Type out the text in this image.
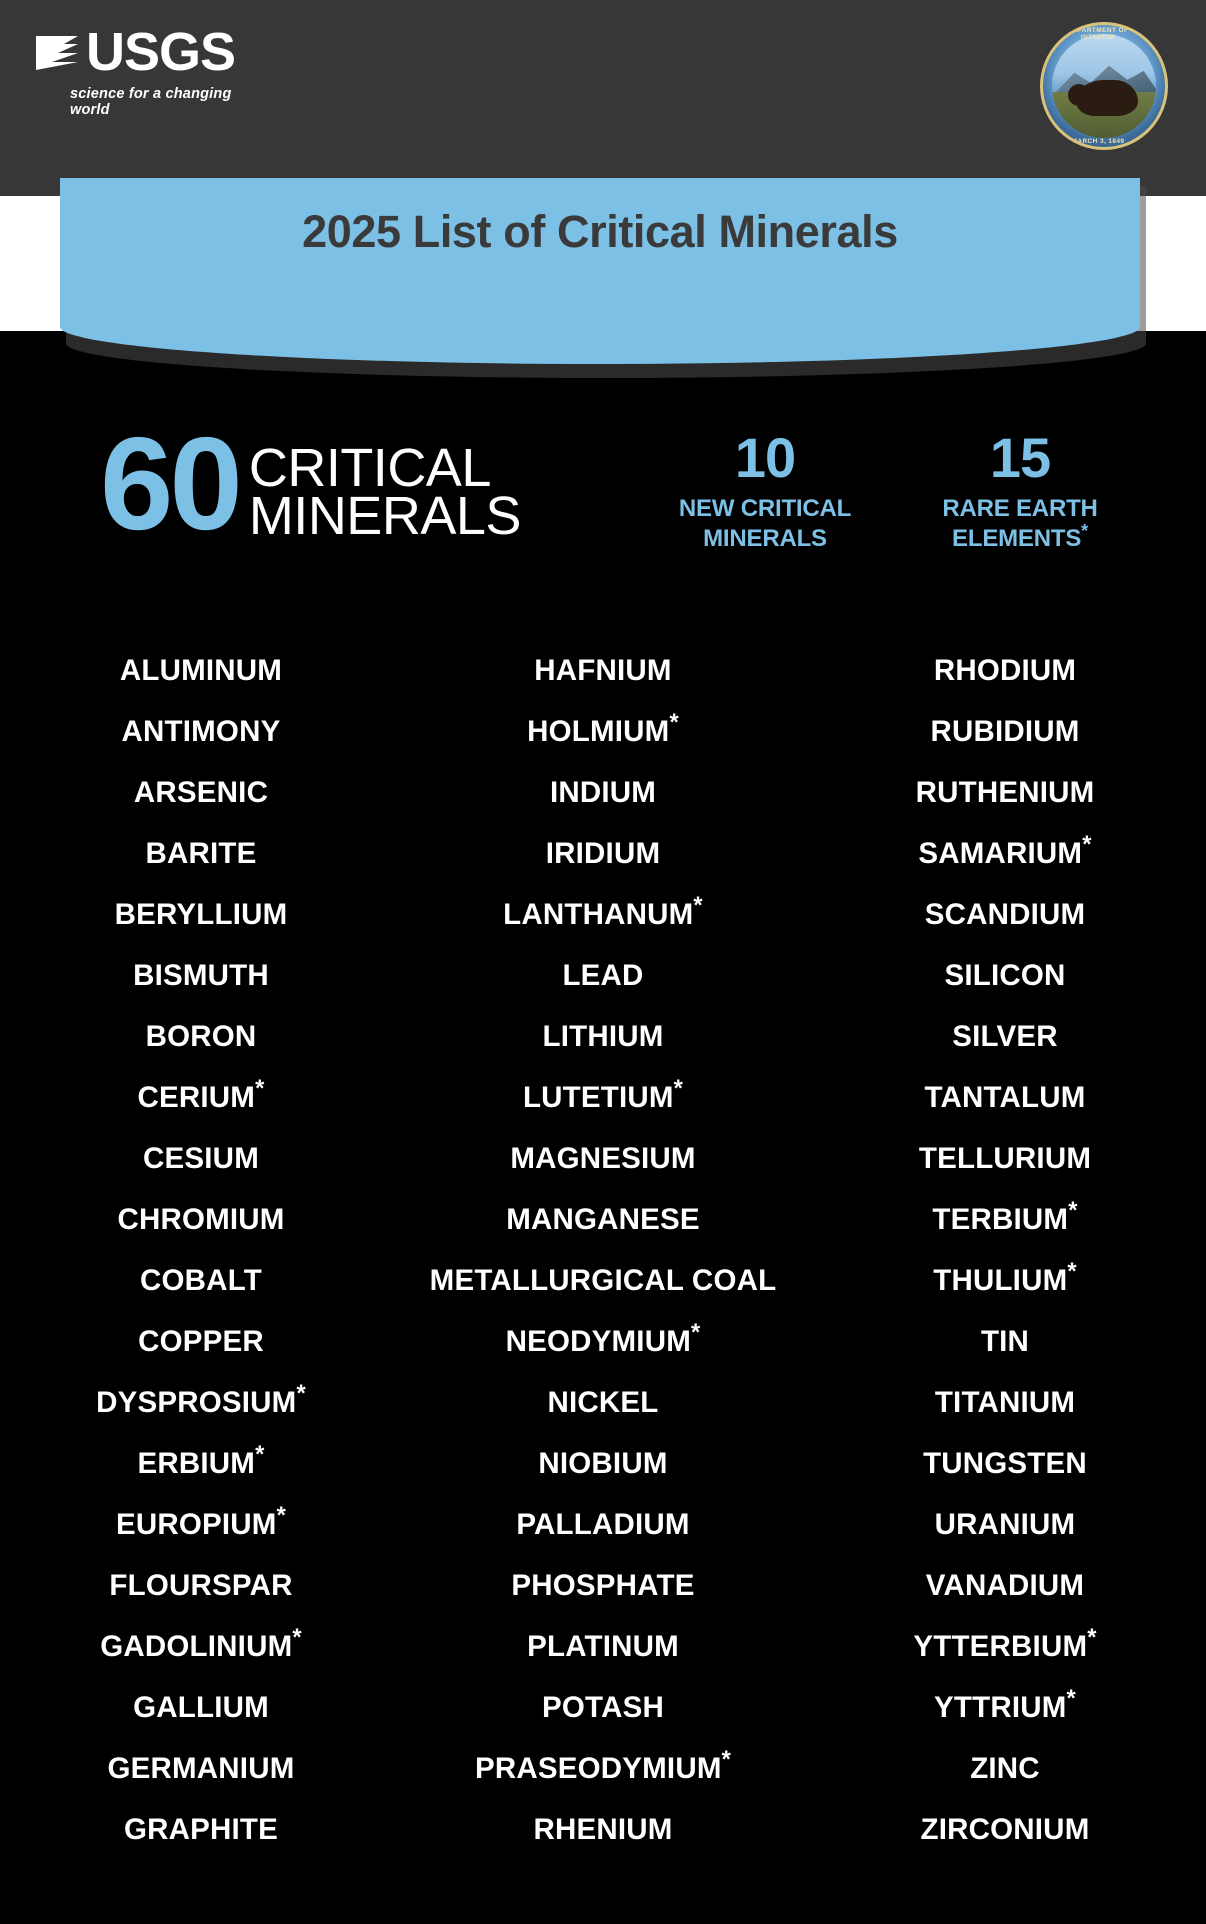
USGS
science for a changing world
U.S. DEPARTMENT OF THE INTERIOR
MARCH 3, 1849
2025 List of Critical Minerals
60 CRITICAL
MINERALS
10
NEW CRITICAL
MINERALS
15
RARE EARTH
ELEMENTS*
ALUMINUM
ANTIMONY
ARSENIC
BARITE
BERYLLIUM
BISMUTH
BORON
CERIUM*
CESIUM
CHROMIUM
COBALT
COPPER
DYSPROSIUM*
ERBIUM*
EUROPIUM*
FLOURSPAR
GADOLINIUM*
GALLIUM
GERMANIUM
GRAPHITE
HAFNIUM
HOLMIUM*
INDIUM
IRIDIUM
LANTHANUM*
LEAD
LITHIUM
LUTETIUM*
MAGNESIUM
MANGANESE
METALLURGICAL COAL
NEODYMIUM*
NICKEL
NIOBIUM
PALLADIUM
PHOSPHATE
PLATINUM
POTASH
PRASEODYMIUM*
RHENIUM
RHODIUM
RUBIDIUM
RUTHENIUM
SAMARIUM*
SCANDIUM
SILICON
SILVER
TANTALUM
TELLURIUM
TERBIUM*
THULIUM*
TIN
TITANIUM
TUNGSTEN
URANIUM
VANADIUM
YTTERBIUM*
YTTRIUM*
ZINC
ZIRCONIUM
